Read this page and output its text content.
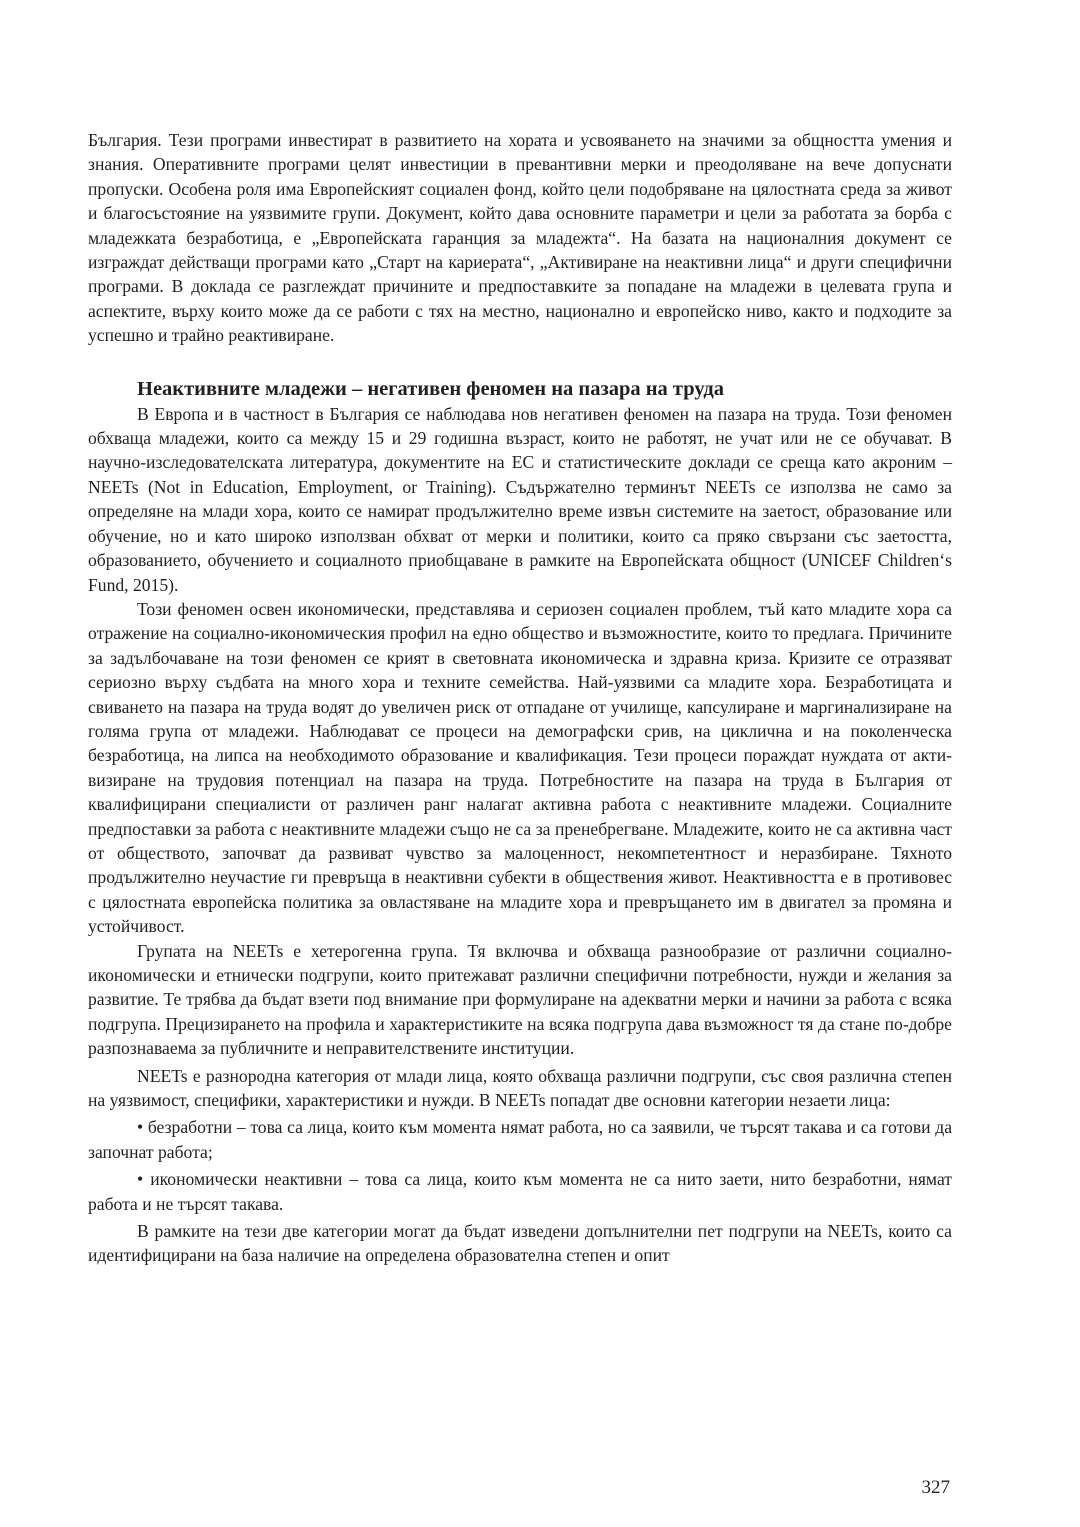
България. Тези програми инвестират в развитието на хората и усвояването на значими за общността умения и знания. Оперативните програми целят инвестиции в превантивни мерки и преодоляване на вече допуснати пропуски. Особена роля има Европейският социален фонд, който цели подобряване на цялостната среда за живот и благосъстояние на уязвимите групи. Документ, който дава основните параметри и цели за работата за борба с младежката безработица, е „Европейската гаранция за младежта“. На базата на националния документ се изграждат действащи програми като „Старт на кариерата“, „Активиране на неактивни лица“ и други специфични програми. В доклада се разглеждат причините и предпоставките за попадане на младежи в целевата група и аспектите, върху които може да се работи с тях на местно, национално и европейско ниво, както и подходите за успешно и трайно реактивиране.

Неактивните младежи – негативен феномен на пазара на труда

В Европа и в частност в България се наблюдава нов негативен феномен на пазара на труда. Този феномен обхваща младежи, които са между 15 и 29 годишна възраст, които не работят, не учат или не се обучават. В научно-изследователската литература, документите на ЕС и статистическите доклади се среща като акроним – NEETs (Not in Education, Employment, or Training). Съдържателно терминът NEETs се използва не само за определяне на млади хора, които се намират продължително време извън системите на заетост, образование или обучение, но и като широко използван обхват от мерки и политики, които са пряко свързани със заетостта, образованието, обучението и социалното приобщаване в рамките на Европейската общност (UNICEF Children‘s Fund, 2015).

Този феномен освен икономически, представлява и сериозен социален проблем, тъй като младите хора са отражение на социално-икономическия профил на едно общество и възможностите, които то предлага. Причините за задълбочаване на този феномен се крият в световната икономическа и здравна криза. Кризите се отразяват сериозно върху съдбата на много хора и техните семейства. Най-уязвими са младите хора. Безработицата и свиването на пазара на труда водят до увеличен риск от отпадане от училище, капсулиране и маргинализиране на голяма група от младежи. Наблюдават се процеси на демографски срив, на циклична и на поколенческа безработица, на липса на необходимото образование и квалификация. Тези процеси пораждат нуждата от активизиране на трудовия потенциал на пазара на труда. Потребностите на пазара на труда в България от квалифицирани специалисти от различен ранг налагат активна работа с неактивните младежи. Социалните предпоставки за работа с неактивните младежи също не са за пренебрегване. Младежите, които не са активна част от обществото, започват да развиват чувство за малоценност, некомпетентност и неразбиране. Тяхното продължително неучастие ги превръща в неактивни субекти в обществения живот. Неактивността е в противовес с цялостната европейска политика за овластяване на младите хора и превръщането им в двигател за промяна и устойчивост.

Групата на NEETs е хетерогенна група. Тя включва и обхваща разнообразие от различни социално-икономически и етнически подгрупи, които притежават различни специфични потребности, нужди и желания за развитие. Те трябва да бъдат взети под внимание при формулиране на адекватни мерки и начини за работа с всяка подгрупа. Прецизирането на профила и характеристиките на всяка подгрупа дава възможност тя да стане по-добре разпознаваема за публичните и неправителствените институции.

NEETs е разнородна категория от млади лица, която обхваща различни подгрупи, със своя различна степен на уязвимост, специфики, характеристики и нужди. В NEETs попадат две основни категории незаети лица:

• безработни – това са лица, които към момента нямат работа, но са заявили, че търсят такава и са готови да започнат работа;

• икономически неактивни – това са лица, които към момента не са нито заети, нито безработни, нямат работа и не търсят такава.

В рамките на тези две категории могат да бъдат изведени допълнителни пет подгрупи на NEETs, които са идентифицирани на база наличие на определена образователна степен и опит

327
